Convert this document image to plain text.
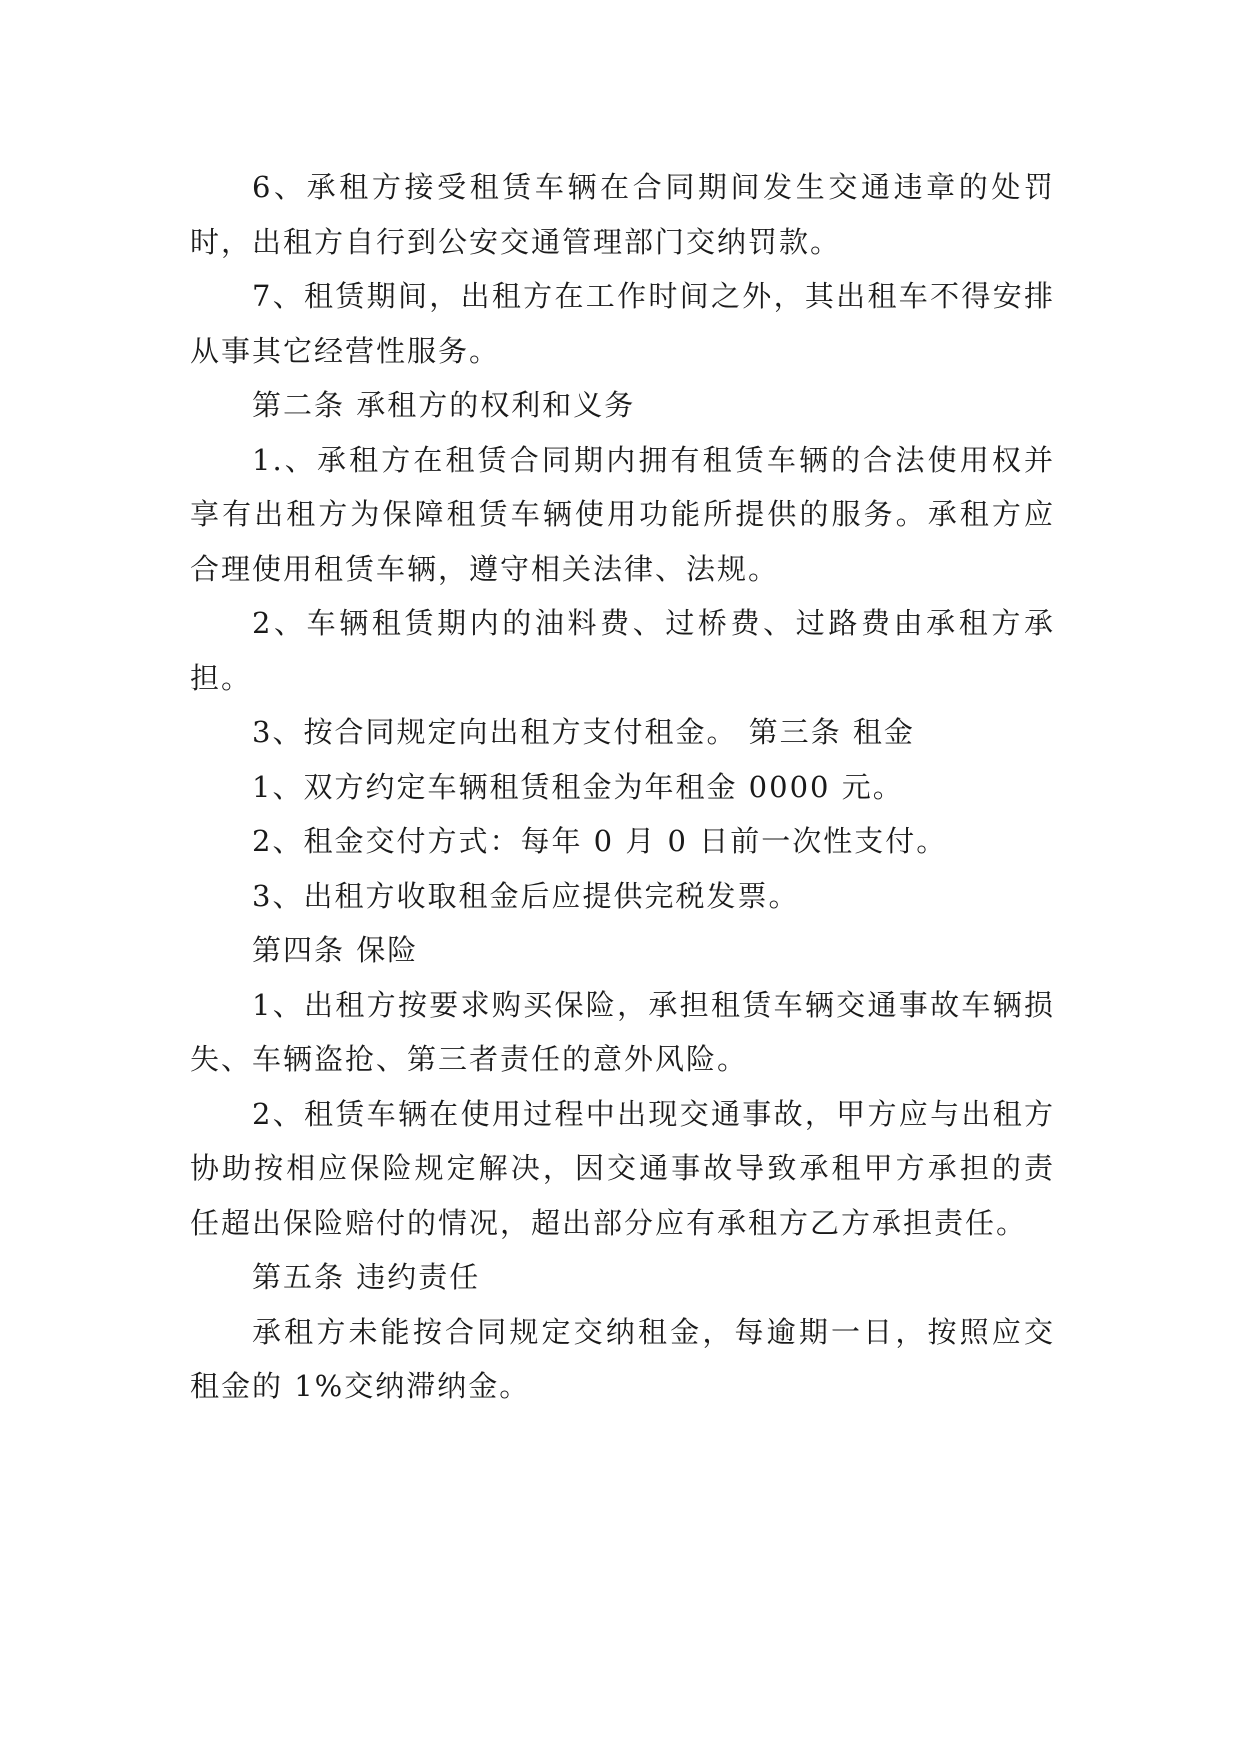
6、承租方接受租赁车辆在合同期间发生交通违章的处罚时，出租方自行到公安交通管理部门交纳罚款。

7、租赁期间，出租方在工作时间之外，其出租车不得安排从事其它经营性服务。

第二条 承租方的权利和义务

1.、承租方在租赁合同期内拥有租赁车辆的合法使用权并享有出租方为保障租赁车辆使用功能所提供的服务。承租方应合理使用租赁车辆，遵守相关法律、法规。

2、车辆租赁期内的油料费、过桥费、过路费由承租方承担。

3、按合同规定向出租方支付租金。 第三条 租金

1、双方约定车辆租赁租金为年租金 0000 元。

2、租金交付方式：每年 0 月 0 日前一次性支付。

3、出租方收取租金后应提供完税发票。

第四条 保险

1、出租方按要求购买保险，承担租赁车辆交通事故车辆损失、车辆盗抢、第三者责任的意外风险。

2、租赁车辆在使用过程中出现交通事故，甲方应与出租方协助按相应保险规定解决，因交通事故导致承租甲方承担的责任超出保险赔付的情况，超出部分应有承租方乙方承担责任。

第五条 违约责任

承租方未能按合同规定交纳租金，每逾期一日，按照应交租金的 1%交纳滞纳金。
